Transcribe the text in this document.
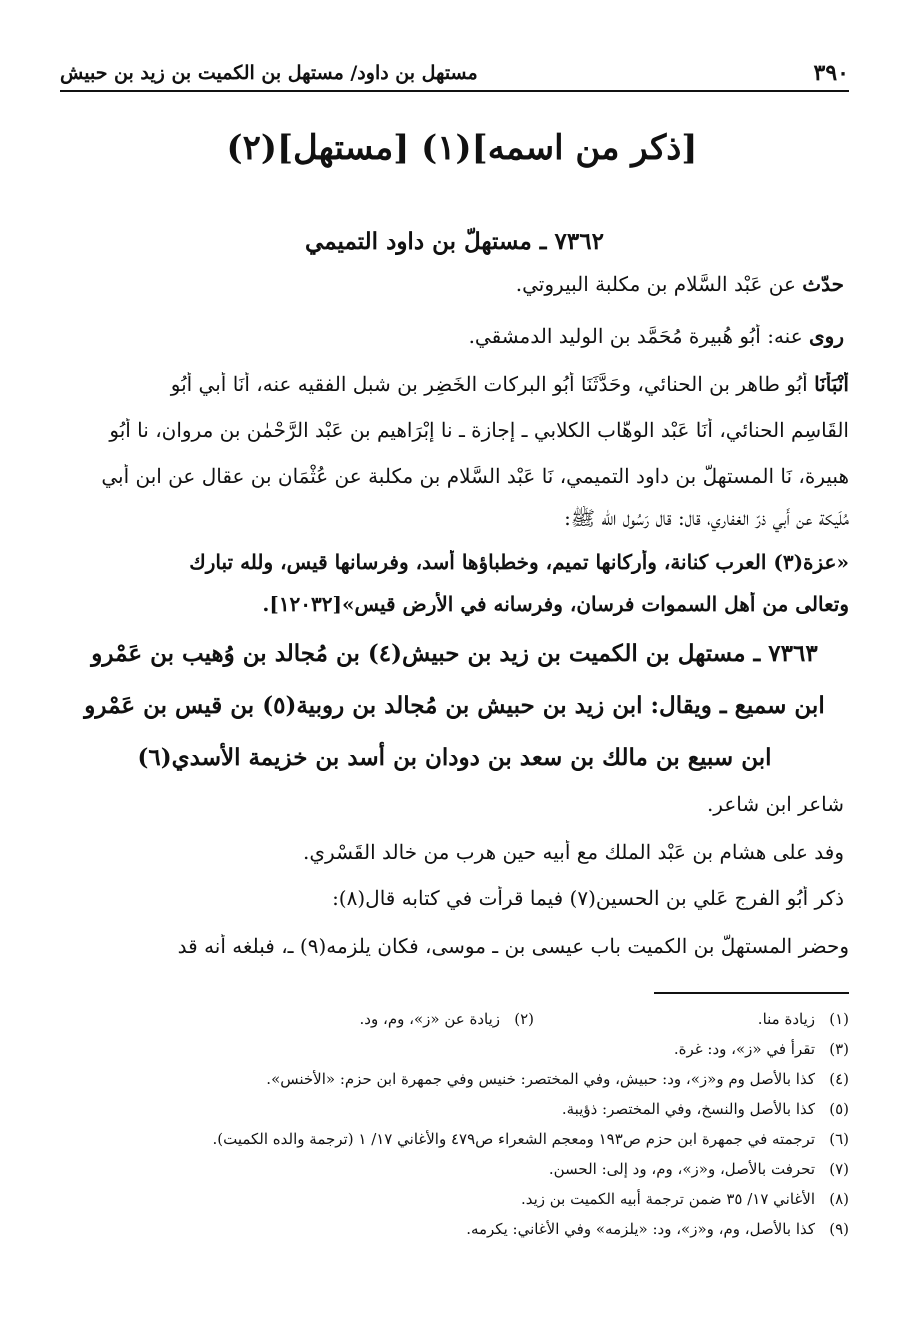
٣٩٠
مستهل بن داود/ مستهل بن الكميت بن زيد بن حبيش
[ذكر من اسمه](١) [مستهل](٢)
٧٣٦٢ ـ مستهلّ بن داود التميمي
حدّث عن عَبْد السَّلام بن مكلبة البيروتي.
روى عنه: أَبُو هُبيرة مُحَمَّد بن الوليد الدمشقي.
أَنْبَأَنَا أَبُو طاهر بن الحنائي، وحَدَّثَنَا أَبُو البركات الخَضِر بن شبل الفقيه عنه، أَنَا أَبي أَبُو
القَاسِم الحنائي، أَنَا عَبْد الوهّاب الكلابي ـ إجازة ـ نا إِبْرَاهيم بن عَبْد الرَّحْمٰن بن مروان، نا أَبُو
هبيرة، نَا المستهلّ بن داود التميمي، نَا عَبْد السَّلام بن مكلبة عن عُثْمَان بن عقال عن ابن أَبي
مُلَيكة عن أَبي ذرّ الغفاري، قال: قال رَسُول الله ﷺ:
«عزة(٣) العرب كنانة، وأركانها تميم، وخطباؤها أسد، وفرسانها قيس، ولله تبارك
وتعالى من أهل السموات فرسان، وفرسانه في الأرض قيس»[١٢٠٣٢].
٧٣٦٣ ـ مستهل بن الكميت بن زيد بن حبيش(٤) بن مُجالد بن وُهيب بن عَمْرو
ابن سميع ـ ويقال: ابن زيد بن حبيش بن مُجالد بن روبية(٥) بن قيس بن عَمْرو
ابن سبيع بن مالك بن سعد بن دودان بن أسد بن خزيمة الأسدي(٦)
شاعر ابن شاعر.
وفد على هشام بن عَبْد الملك مع أبيه حين هرب من خالد القَسْري.
ذكر أَبُو الفرج عَلي بن الحسين(٧) فيما قرأت في كتابه قال(٨):
وحضر المستهلّ بن الكميت باب عيسى بن ـ موسى، فكان يلزمه(٩) ـ، فبلغه أنه قد
(١)زيادة منا.
(٢)زيادة عن «ز»، وم، ود.
(٣)تقرأ في «ز»، ود: غرة.
(٤)كذا بالأصل وم و«ز»، ود: حبيش، وفي المختصر: خنيس وفي جمهرة ابن حزم: «الأخنس».
(٥)كذا بالأصل والنسخ، وفي المختصر: ذؤيبة.
(٦)ترجمته في جمهرة ابن حزم ص١٩٣ ومعجم الشعراء ص٤٧٩ والأغاني ١٧/ ١ (ترجمة والده الكميت).
(٧)تحرفت بالأصل، و«ز»، وم، ود إلى: الحسن.
(٨)الأغاني ١٧/ ٣٥ ضمن ترجمة أبيه الكميت بن زيد.
(٩)كذا بالأصل، وم، و«ز»، ود: «يلزمه» وفي الأغاني: يكرمه.
